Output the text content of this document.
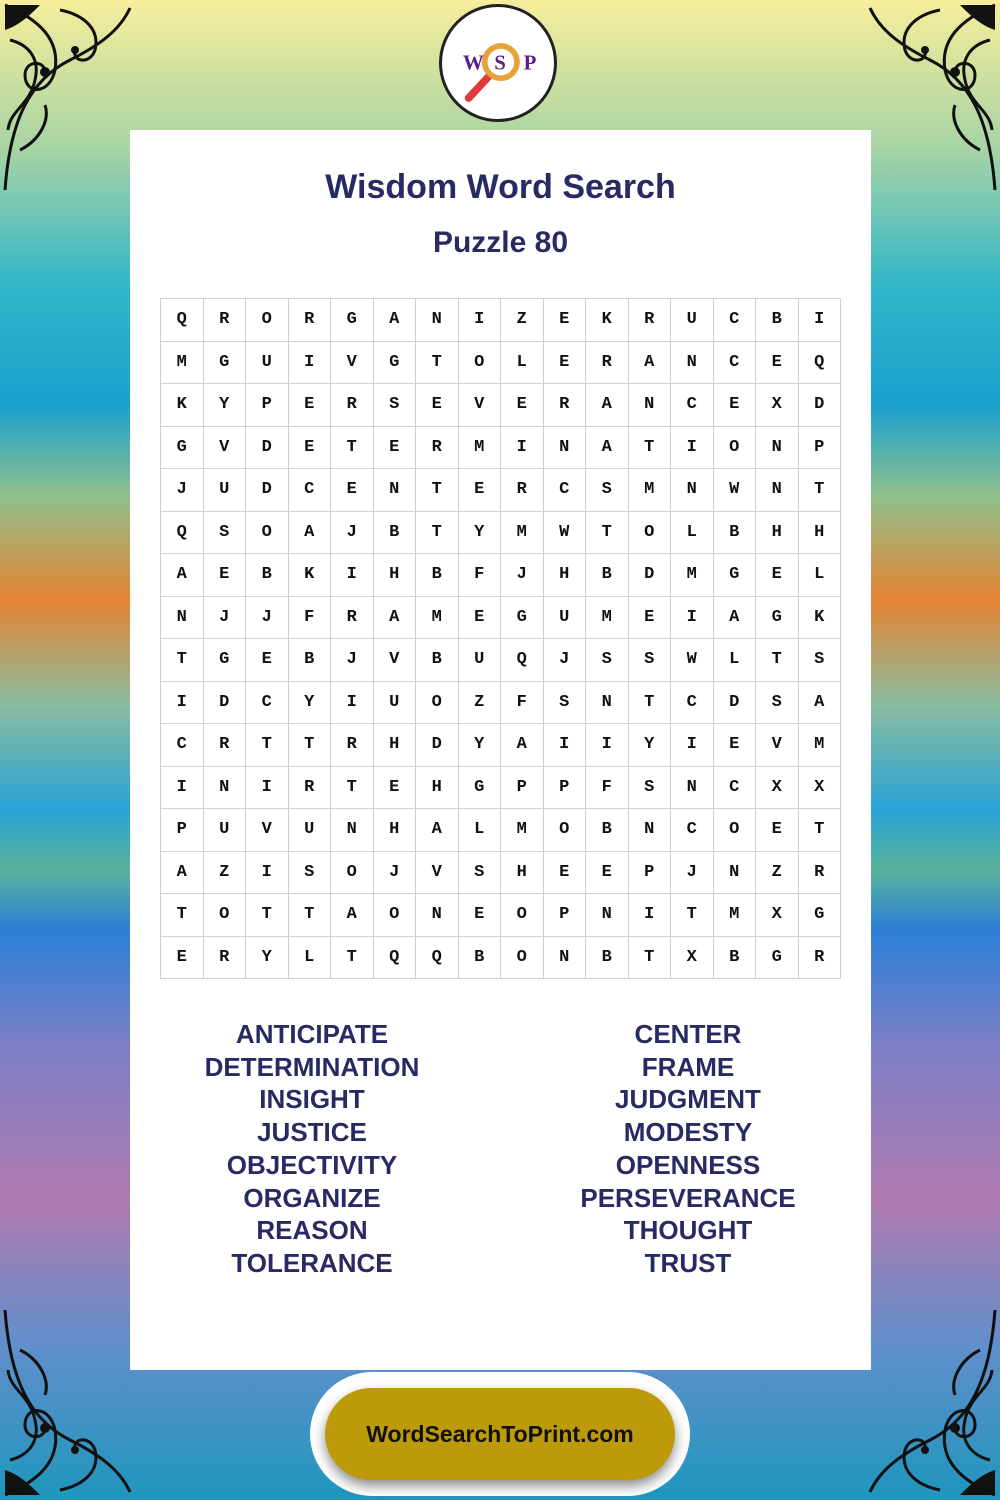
W S P
Wisdom Word Search
Puzzle 80
Q	R	O	R	G	A	N	I	Z	E	K	R	U	C	B	I
M	G	U	I	V	G	T	O	L	E	R	A	N	C	E	Q
K	Y	P	E	R	S	E	V	E	R	A	N	C	E	X	D
G	V	D	E	T	E	R	M	I	N	A	T	I	O	N	P
J	U	D	C	E	N	T	E	R	C	S	M	N	W	N	T
Q	S	O	A	J	B	T	Y	M	W	T	O	L	B	H	H
A	E	B	K	I	H	B	F	J	H	B	D	M	G	E	L
N	J	J	F	R	A	M	E	G	U	M	E	I	A	G	K
T	G	E	B	J	V	B	U	Q	J	S	S	W	L	T	S
I	D	C	Y	I	U	O	Z	F	S	N	T	C	D	S	A
C	R	T	T	R	H	D	Y	A	I	I	Y	I	E	V	M
I	N	I	R	T	E	H	G	P	P	F	S	N	C	X	X
P	U	V	U	N	H	A	L	M	O	B	N	C	O	E	T
A	Z	I	S	O	J	V	S	H	E	E	P	J	N	Z	R
T	O	T	T	A	O	N	E	O	P	N	I	T	M	X	G
E	R	Y	L	T	Q	Q	B	O	N	B	T	X	B	G	R
ANTICIPATE
DETERMINATION
INSIGHT
JUSTICE
OBJECTIVITY
ORGANIZE
REASON
TOLERANCE
CENTER
FRAME
JUDGMENT
MODESTY
OPENNESS
PERSEVERANCE
THOUGHT
TRUST
WordSearchToPrint.com
